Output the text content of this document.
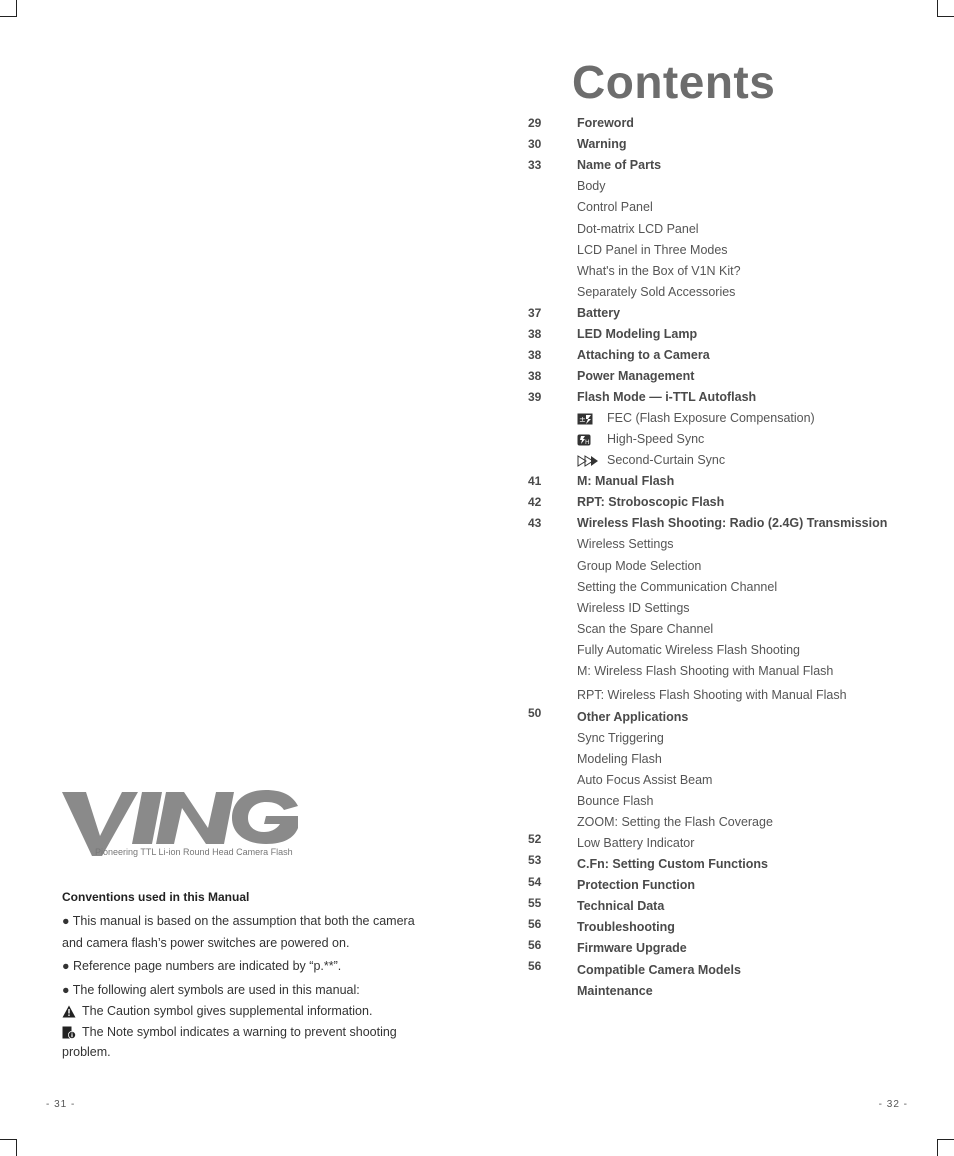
Contents
29
30
33
37
38
38
38
39
41
42
43
50
52
53
54
55
56
56
56
Foreword
Warning
Name of Parts
Body
Control Panel
Dot-matrix LCD Panel
LCD Panel in Three Modes
What's in the Box of V1N Kit?
Separately Sold Accessories
Battery
LED Modeling Lamp
Attaching to a Camera
Power Management
Flash Mode — i-TTL Autoflash
± FEC (Flash Exposure Compensation)
H High-Speed Sync
Second-Curtain Sync
M: Manual Flash
RPT: Stroboscopic Flash
Wireless Flash Shooting: Radio (2.4G) Transmission
Wireless Settings
Group Mode Selection
Setting the Communication Channel
Wireless ID Settings
Scan the Spare Channel
Fully Automatic Wireless Flash Shooting
M: Wireless Flash Shooting with Manual Flash
RPT: Wireless Flash Shooting with Manual Flash
Other Applications
Sync Triggering
Modeling Flash
Auto Focus Assist Beam
Bounce Flash
ZOOM: Setting the Flash Coverage
Low Battery Indicator
C.Fn: Setting Custom Functions
Protection Function
Technical Data
Troubleshooting
Firmware Upgrade
Compatible Camera Models
Maintenance
Pioneering TTL Li-ion Round Head Camera Flash
Conventions used in this Manual
● This manual is based on the assumption that both the camera
and camera flash’s power switches are powered on.
● Reference page numbers are indicated by “p.**”.
● The following alert symbols are used in this manual:
The Caution symbol gives supplemental information.
The Note symbol indicates a warning to prevent shooting
problem.
- 31 -	- 32 -
